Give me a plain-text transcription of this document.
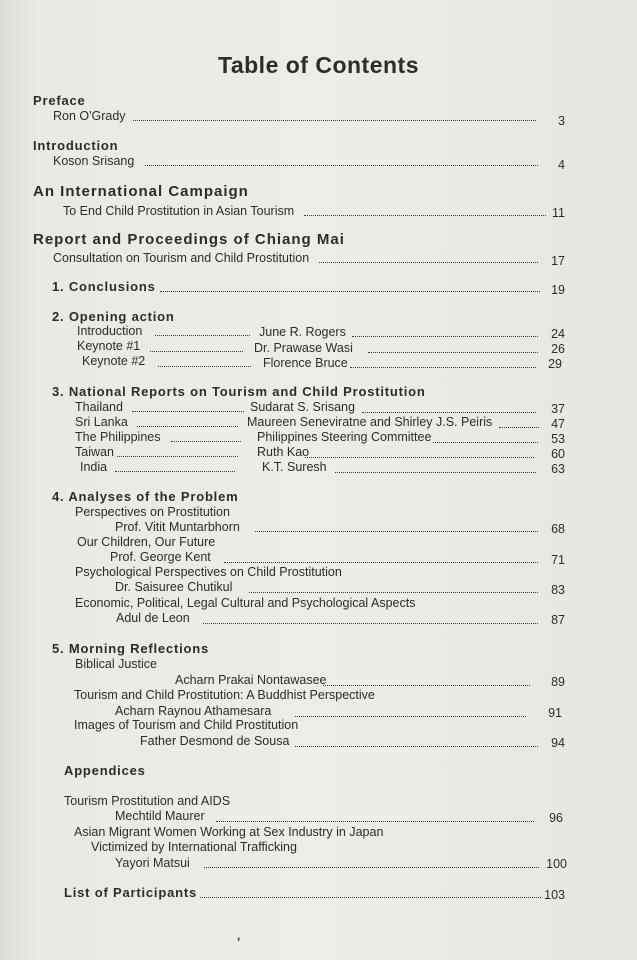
Table of Contents
Preface
Ron O'Grady	3
Introduction
Koson Srisang	4
An International Campaign
To End Child Prostitution in Asian Tourism	11
Report and Proceedings of Chiang Mai
Consultation on Tourism and Child Prostitution	17
1. Conclusions	19
2. Opening action
Introduction	June R. Rogers	24
Keynote #1	Dr. Prawase Wasi	26
Keynote #2	Florence Bruce	29
3. National Reports on Tourism and Child Prostitution
Thailand	Sudarat S. Srisang	37
Sri Lanka	Maureen Seneviratne and Shirley J.S. Peiris	47
The Philippines	Philippines Steering Committee	53
Taiwan	Ruth Kao	60
India	K.T. Suresh	63
4. Analyses of the Problem
Perspectives on Prostitution
Prof. Vitit Muntarbhorn	68
Our Children, Our Future
Prof. George Kent	71
Psychological Perspectives on Child Prostitution
Dr. Saisuree Chutikul	83
Economic, Political, Legal Cultural and Psychological Aspects
Adul de Leon	87
5. Morning Reflections
Biblical Justice
Acharn Prakai Nontawasee	89
Tourism and Child Prostitution: A Buddhist Perspective
Acharn Raynou Athamesara	91
Images of Tourism and Child Prostitution
Father Desmond de Sousa	94
Appendices
Tourism Prostitution and AIDS
Mechtild Maurer	96
Asian Migrant Women Working at Sex Industry in Japan
Victimized by International Trafficking
Yayori Matsui	100
List of Participants	103
'
